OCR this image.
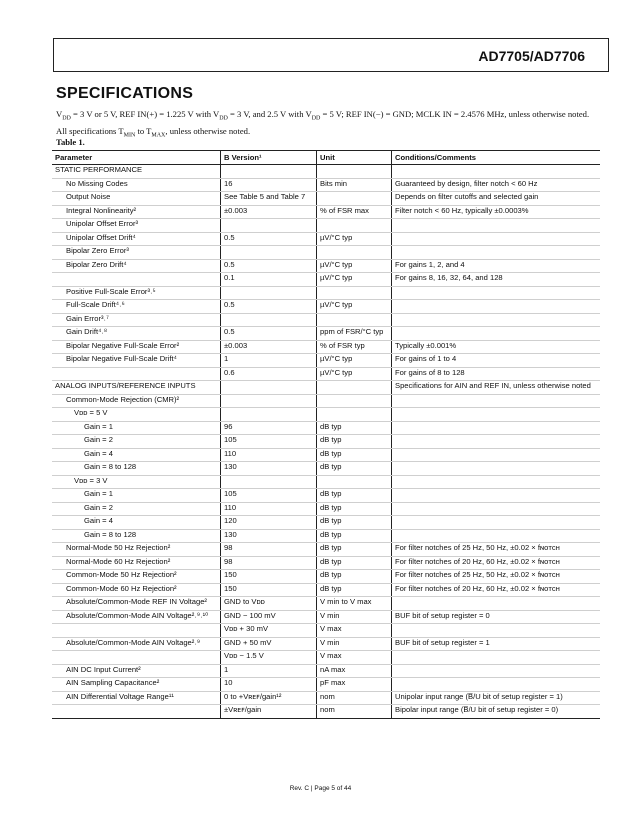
AD7705/AD7706
SPECIFICATIONS
$V_{DD} = 3$ V or 5 V, REF IN(+) = 1.225 V with $V_{DD} = 3$ V, and 2.5 V with $V_{DD} = 5$ V; REF IN(−) = GND; MCLK IN = 2.4576 MHz, unless otherwise noted. All specifications $T_{MIN}$ to $T_{MAX}$, unless otherwise noted.
Table 1.
Parameter	B Version¹	Unit	Conditions/Comments
STATIC PERFORMANCE			
No Missing Codes	16	Bits min	Guaranteed by design, filter notch < 60 Hz
Output Noise	See Table 5 and Table 7		Depends on filter cutoffs and selected gain
Integral Nonlinearity²	±0.003	% of FSR max	Filter notch < 60 Hz, typically ±0.0003%
Unipolar Offset Error³			
Unipolar Offset Drift⁴	0.5	µV/°C typ	
Bipolar Zero Error³			
Bipolar Zero Drift⁴	0.5	µV/°C typ	For gains 1, 2, and 4
	0.1	µV/°C typ	For gains 8, 16, 32, 64, and 128
Positive Full-Scale Error³˒⁵			
Full-Scale Drift⁴˒⁶	0.5	µV/°C typ	
Gain Error³˒⁷			
Gain Drift⁴˒⁸	0.5	ppm of FSR/°C typ	
Bipolar Negative Full-Scale Error²	±0.003	% of FSR typ	Typically ±0.001%
Bipolar Negative Full-Scale Drift⁴	1	µV/°C typ	For gains of 1 to 4
	0.6	µV/°C typ	For gains of 8 to 128
ANALOG INPUTS/REFERENCE INPUTS			Specifications for AIN and REF IN, unless otherwise noted
Common-Mode Rejection (CMR)²			
Vᴅᴅ = 5 V			
Gain = 1	96	dB typ	
Gain = 2	105	dB typ	
Gain = 4	110	dB typ	
Gain = 8 to 128	130	dB typ	
Vᴅᴅ = 3 V			
Gain = 1	105	dB typ	
Gain = 2	110	dB typ	
Gain = 4	120	dB typ	
Gain = 8 to 128	130	dB typ	
Normal-Mode 50 Hz Rejection²	98	dB typ	For filter notches of 25 Hz, 50 Hz, ±0.02 × fɴᴏᴛᴄʜ
Normal-Mode 60 Hz Rejection²	98	dB typ	For filter notches of 20 Hz, 60 Hz, ±0.02 × fɴᴏᴛᴄʜ
Common-Mode 50 Hz Rejection²	150	dB typ	For filter notches of 25 Hz, 50 Hz, ±0.02 × fɴᴏᴛᴄʜ
Common-Mode 60 Hz Rejection²	150	dB typ	For filter notches of 20 Hz, 60 Hz, ±0.02 × fɴᴏᴛᴄʜ
Absolute/Common-Mode REF IN Voltage²	GND to Vᴅᴅ	V min to V max	
Absolute/Common-Mode AIN Voltage²˒⁹˒¹⁰	GND − 100 mV	V min	BUF bit of setup register = 0
	Vᴅᴅ + 30 mV	V max	
Absolute/Common-Mode AIN Voltage²˒⁹	GND + 50 mV	V min	BUF bit of setup register = 1
	Vᴅᴅ − 1.5 V	V max	
AIN DC Input Current²	1	nA max	
AIN Sampling Capacitance²	10	pF max	
AIN Differential Voltage Range¹¹	0 to +Vʀᴇꜰ/gain¹²	nom	Unipolar input range (B̅/U bit of setup register = 1)
	±Vʀᴇꜰ/gain	nom	Bipolar input range (B̅/U bit of setup register = 0)
Rev. C | Page 5 of 44
